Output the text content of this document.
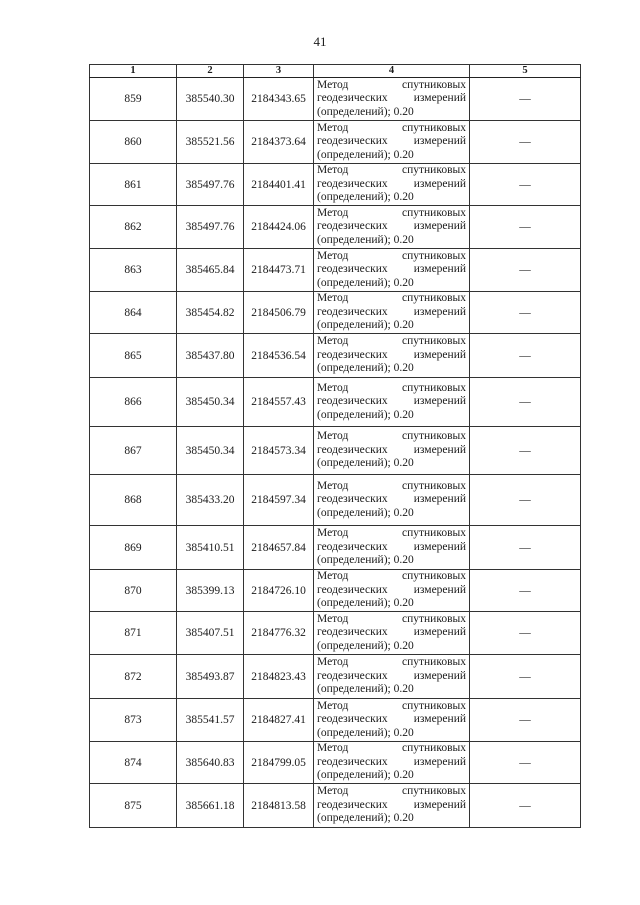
41
1	2	3	4	5
859	385540.30	2184343.65	Метод спутниковых
геодезических измерений
(определений); 0.20	—
860	385521.56	2184373.64	Метод спутниковых
геодезических измерений
(определений); 0.20	—
861	385497.76	2184401.41	Метод спутниковых
геодезических измерений
(определений); 0.20	—
862	385497.76	2184424.06	Метод спутниковых
геодезических измерений
(определений); 0.20	—
863	385465.84	2184473.71	Метод спутниковых
геодезических измерений
(определений); 0.20	—
864	385454.82	2184506.79	Метод спутниковых
геодезических измерений
(определений); 0.20	—
865	385437.80	2184536.54	Метод спутниковых
геодезических измерений
(определений); 0.20	—
866	385450.34	2184557.43	Метод спутниковых
геодезических измерений
(определений); 0.20	—
867	385450.34	2184573.34	Метод спутниковых
геодезических измерений
(определений); 0.20	—
868	385433.20	2184597.34	Метод спутниковых
геодезических измерений
(определений); 0.20	—
869	385410.51	2184657.84	Метод спутниковых
геодезических измерений
(определений); 0.20	—
870	385399.13	2184726.10	Метод спутниковых
геодезических измерений
(определений); 0.20	—
871	385407.51	2184776.32	Метод спутниковых
геодезических измерений
(определений); 0.20	—
872	385493.87	2184823.43	Метод спутниковых
геодезических измерений
(определений); 0.20	—
873	385541.57	2184827.41	Метод спутниковых
геодезических измерений
(определений); 0.20	—
874	385640.83	2184799.05	Метод спутниковых
геодезических измерений
(определений); 0.20	—
875	385661.18	2184813.58	Метод спутниковых
геодезических измерений
(определений); 0.20	—
